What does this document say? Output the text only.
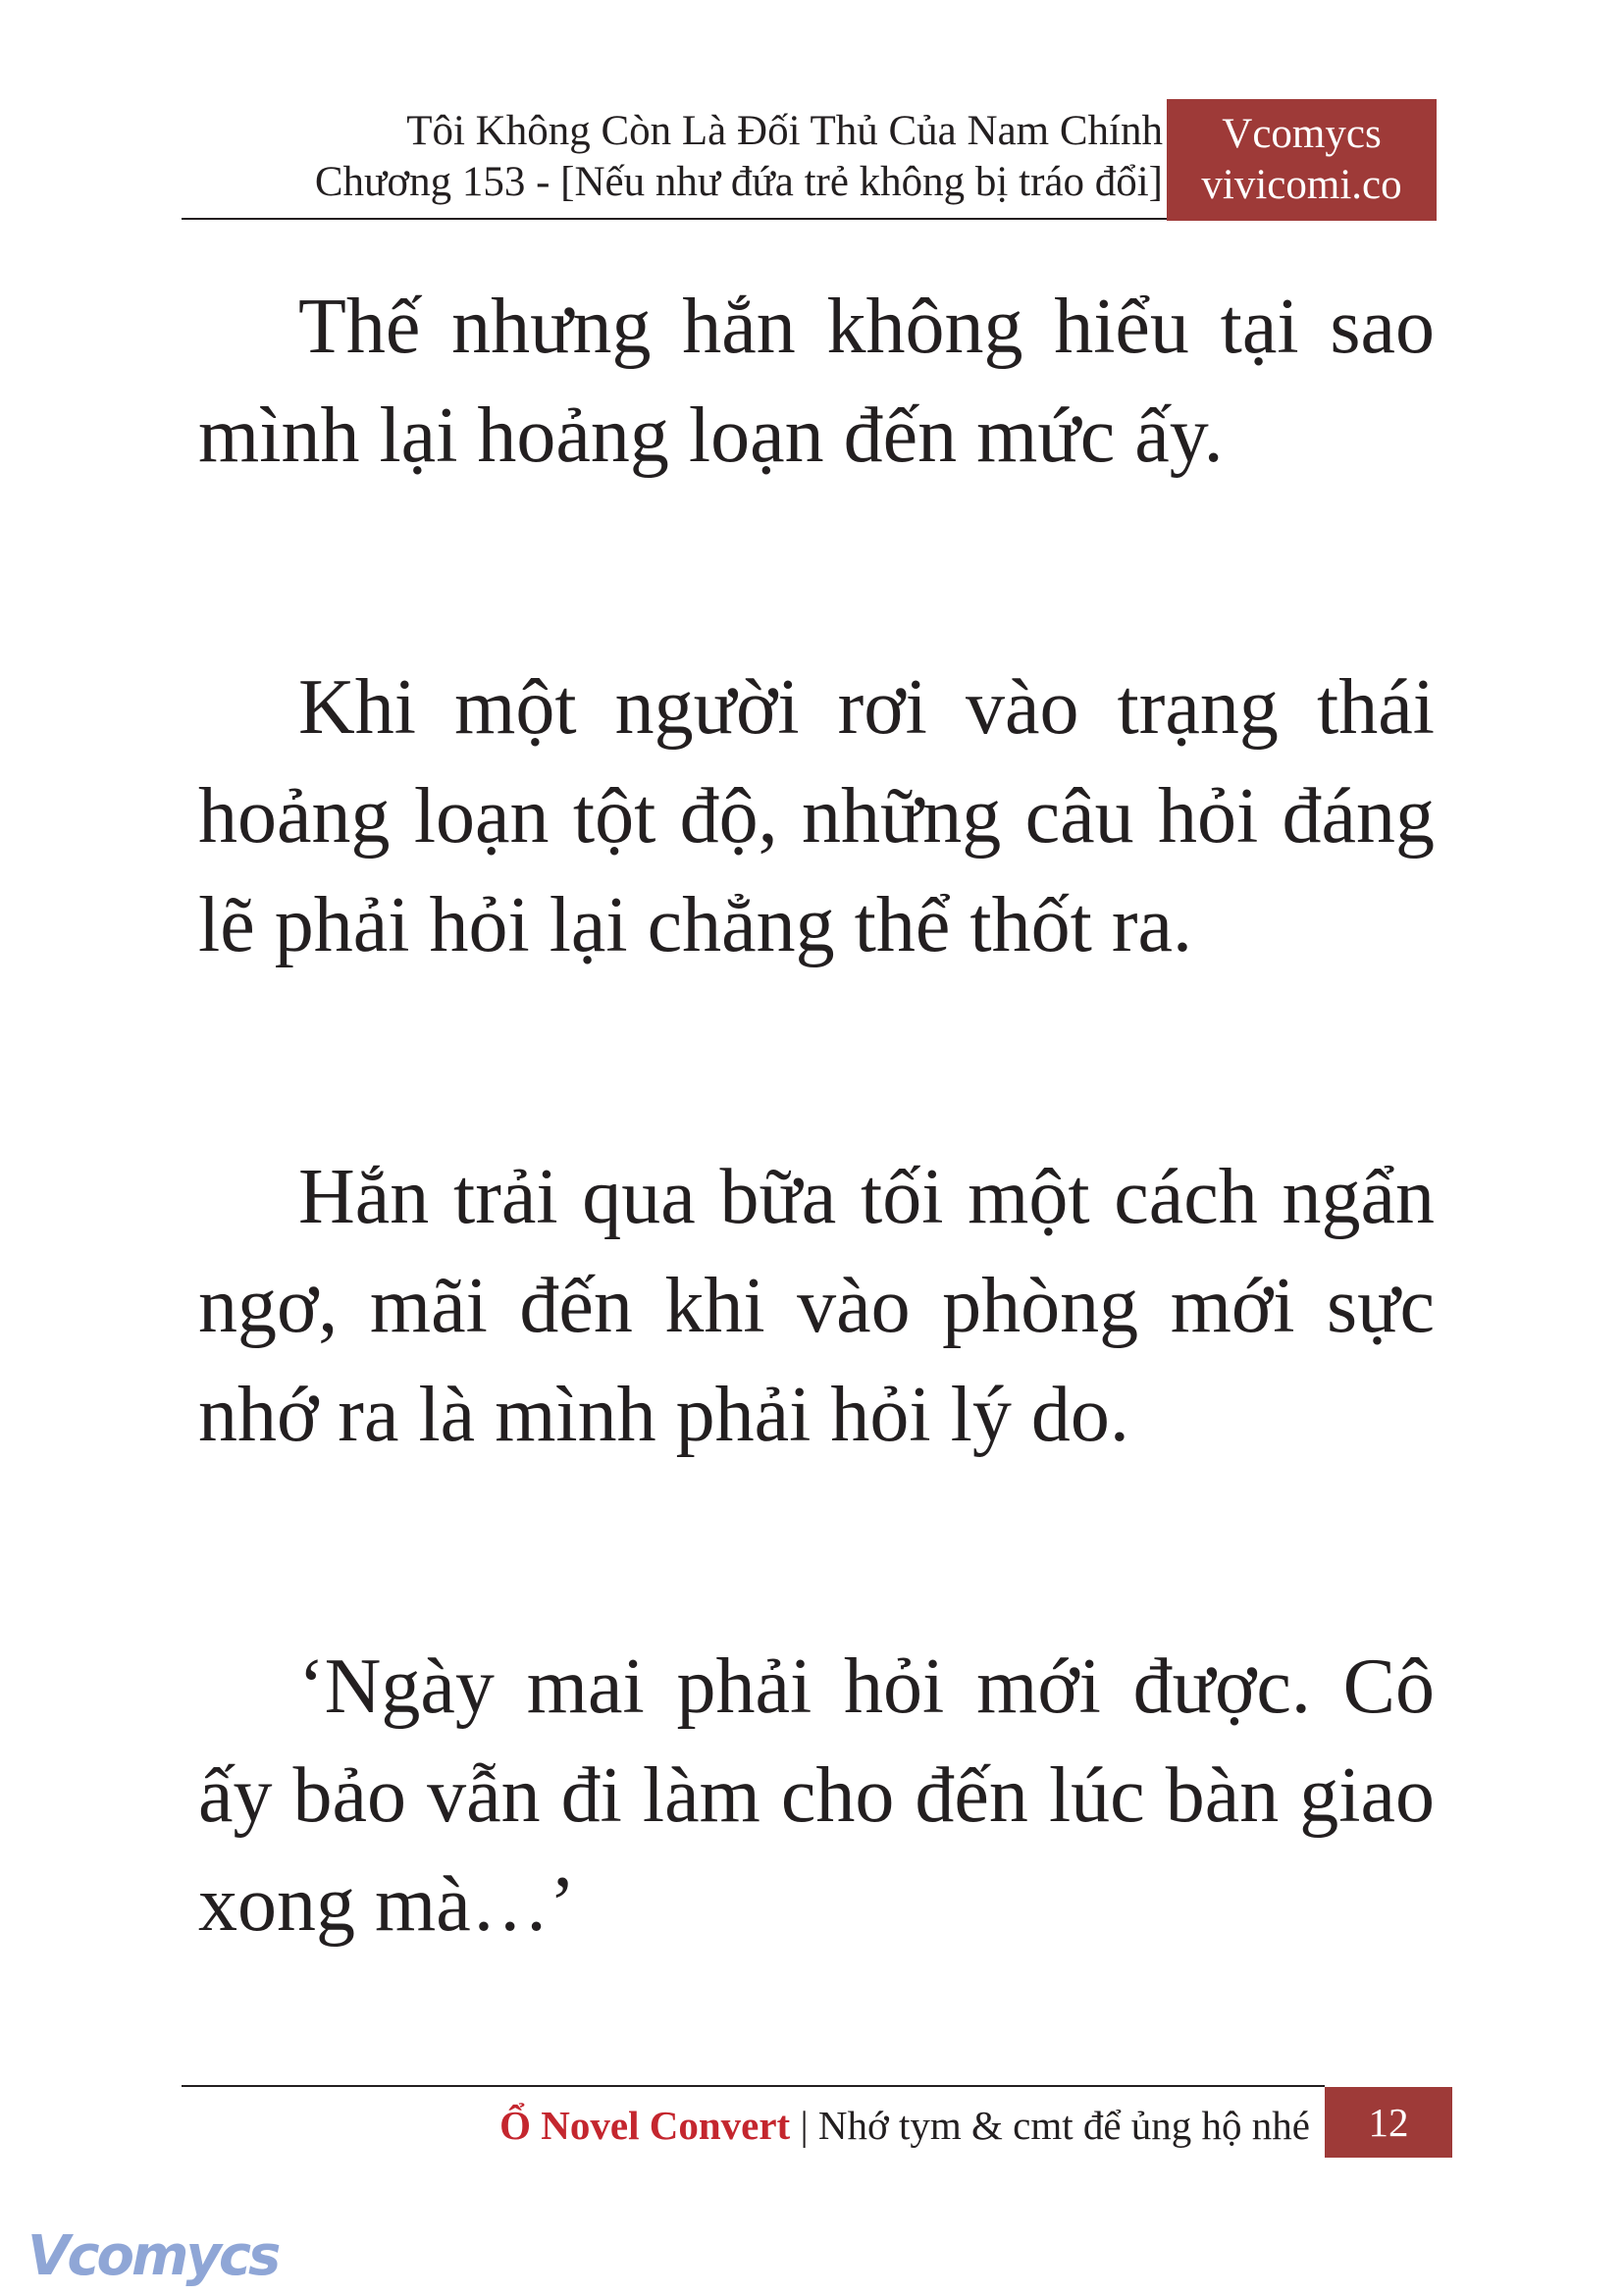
Tôi Không Còn Là Đối Thủ Của Nam Chính
Chương 153 - [Nếu như đứa trẻ không bị tráo đổi]
Vcomycs
vivicomi.co

Thế nhưng hắn không hiểu tại sao mình lại hoảng loạn đến mức ấy.

Khi một người rơi vào trạng thái hoảng loạn tột độ, những câu hỏi đáng lẽ phải hỏi lại chẳng thể thốt ra.

Hắn trải qua bữa tối một cách ngẩn ngơ, mãi đến khi vào phòng mới sực nhớ ra là mình phải hỏi lý do.

‘Ngày mai phải hỏi mới được. Cô ấy bảo vẫn đi làm cho đến lúc bàn giao xong mà…’

Ổ Novel Convert | Nhớ tym & cmt để ủng hộ nhé	12
Vcomycs
